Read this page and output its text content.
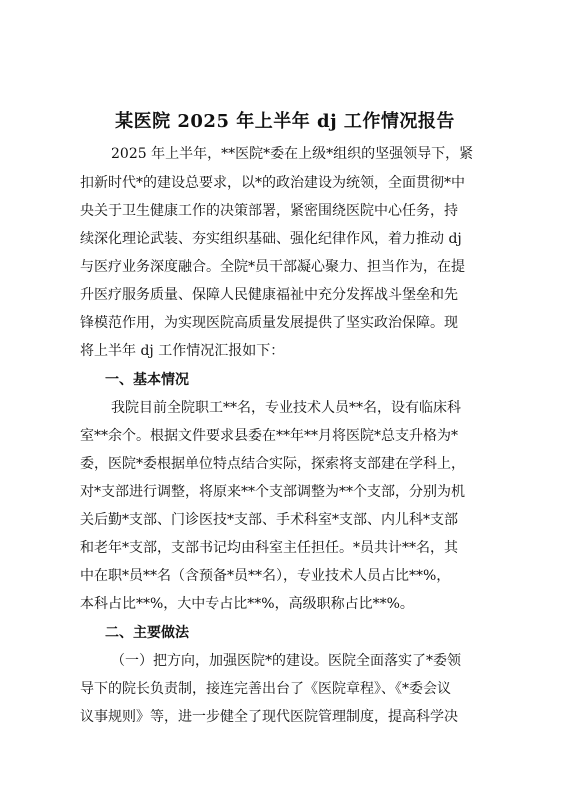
某医院 2025 年上半年 dj 工作情况报告
2025 年上半年，**医院*委在上级*组织的坚强领导下，紧
扣新时代*的建设总要求，以*的政治建设为统领，全面贯彻*中
央关于卫生健康工作的决策部署，紧密围绕医院中心任务，持
续深化理论武装、夯实组织基础、强化纪律作风，着力推动 dj
与医疗业务深度融合。全院*员干部凝心聚力、担当作为，在提
升医疗服务质量、保障人民健康福祉中充分发挥战斗堡垒和先
锋模范作用，为实现医院高质量发展提供了坚实政治保障。现
将上半年 dj 工作情况汇报如下：
一、基本情况
我院目前全院职工**名，专业技术人员**名，设有临床科
室**余个。根据文件要求县委在**年**月将医院*总支升格为*
委，医院*委根据单位特点结合实际，探索将支部建在学科上，
对*支部进行调整，将原来**个支部调整为**个支部，分别为机
关后勤*支部、门诊医技*支部、手术科室*支部、内儿科*支部
和老年*支部，支部书记均由科室主任担任。*员共计**名，其
中在职*员**名（含预备*员**名），专业技术人员占比**%，
本科占比**%，大中专占比**%，高级职称占比**%。
二、主要做法
（一）把方向，加强医院*的建设。医院全面落实了*委领
导下的院长负责制，接连完善出台了《医院章程》、《*委会议
议事规则》等，进一步健全了现代医院管理制度，提高科学决
